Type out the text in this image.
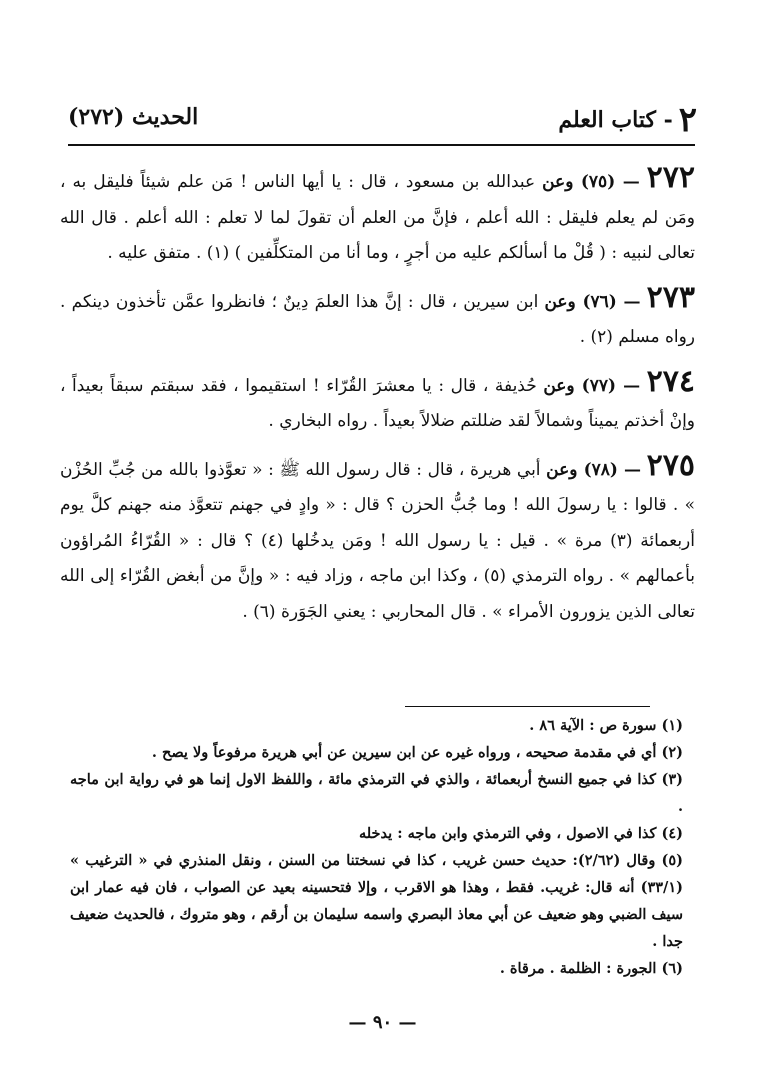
٢- كتاب العلم
الحديث (٢٧٢)

٢٧٢ — (٧٥) وعن عبدالله بن مسعود ، قال : يا أيها الناس ! مَن علم شيئاً فليقل به ، ومَن لم يعلم فليقل : الله أعلم ، فإنَّ من العلم أن تقولَ لما لا تعلم : الله أعلم . قال الله تعالى لنبيه : ( قُلْ ما أسألكم عليه من أجرٍ ، وما أنا من المتكلِّفين ) (١) . متفق عليه .

٢٧٣ — (٧٦) وعن ابن سيرين ، قال : إنَّ هذا العلمَ دِينٌ ؛ فانظروا عمَّن تأخذون دينكم . رواه مسلم (٢) .

٢٧٤ — (٧٧) وعن حُذيفة ، قال : يا معشرَ القُرّاء ! استقيموا ، فقد سبقتم سبقاً بعيداً ، وإنْ أخذتم يميناً وشمالاً لقد ضللتم ضلالاً بعيداً . رواه البخاري .

٢٧٥ — (٧٨) وعن أبي هريرة ، قال : قال رسول الله ﷺ : « تعوَّذوا بالله من جُبِّ الحُزْن » . قالوا : يا رسولَ الله ! وما جُبُّ الحزن ؟ قال : « وادٍ في جهنم تتعوَّذ منه جهنم كلَّ يوم أربعمائة (٣) مرة » . قيل : يا رسول الله ! ومَن يدخُلها (٤) ؟ قال : « القُرّاءُ المُراؤون بأعمالهم » . رواه الترمذي (٥) ، وكذا ابن ماجه ، وزاد فيه : « وإنَّ من أبغض القُرّاء إلى الله تعالى الذين يزورون الأمراء » . قال المحاربي : يعني الجَوَرة (٦) .

(١) سورة ص : الآية ٨٦ .

(٢) أي في مقدمة صحيحه ، ورواه غيره عن ابن سيرين عن أبي هريرة مرفوعاً ولا يصح .

(٣) كذا في جميع النسخ أربعمائة ، والذي في الترمذي مائة ، واللفظ الاول إنما هو في رواية ابن ماجه .

(٤) كذا في الاصول ، وفي الترمذي وابن ماجه : يدخله

(٥) وقال (٢/٦٢): حديث حسن غريب ، كذا في نسختنا من السنن ، ونقل المنذري في « الترغيب » (٣٣/١) أنه قال: غريب. فقط ، وهذا هو الاقرب ، وإلا فتحسينه بعيد عن الصواب ، فان فيه عمار ابن سيف الضبي وهو ضعيف عن أبي معاذ البصري واسمه سليمان بن أرقم ، وهو متروك ، فالحديث ضعيف جدا .

(٦) الجورة : الظلمة . مرقاة .

— ٩٠ —
